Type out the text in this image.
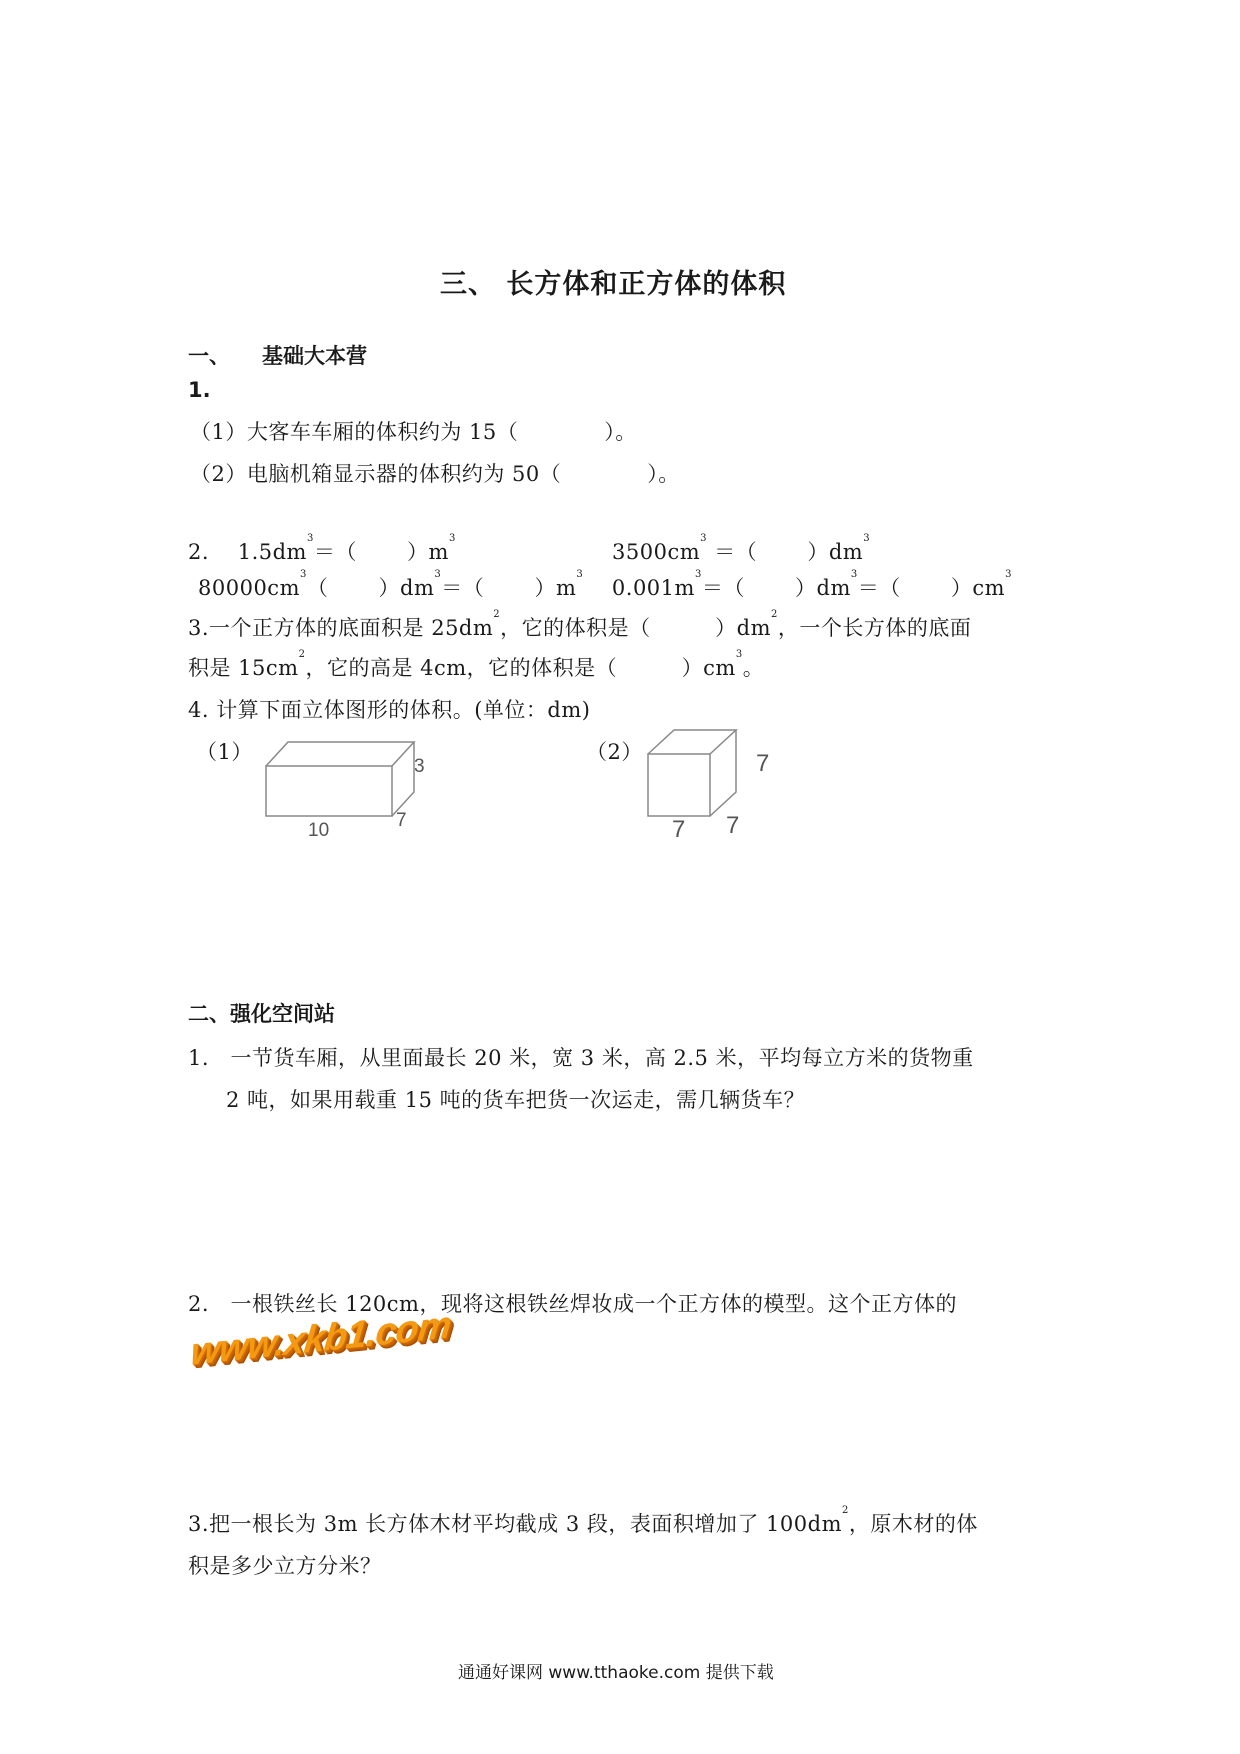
三、 长方体和正方体的体积
一、 基础大本营
1.
（1）大客车车厢的体积约为 15（　　　　）。
（2）电脑机箱显示器的体积约为 50（　　　　）。
2.　 $1.5dm^3=$（　　 ）$m^3$
$3500cm^3$ ＝（　　 ）$dm^3$
$80000cm^3$（　　 ）$dm^3=$（　　 ）$m^3$　 $0.001m^3=$（　　 ）$dm^3=$（　　 ）$cm^3$
3.一个正方体的底面积是 $25dm^2$，它的体积是（　　　）$dm^2$，一个长方体的底面
积是 $15cm^2$，它的高是 4cm，它的体积是（　　　）$cm^3$。
4. 计算下面立体图形的体积。(单位：dm)
（1）
3
10	7
（2）	7
7 7
二、强化空间站
1.　一节货车厢，从里面最长 20 米，宽 3 米，高 2.5 米，平均每立方米的货物重
2 吨，如果用载重 15 吨的货车把货一次运走，需几辆货车？
2.　一根铁丝长 120cm，现将这根铁丝焊妆成一个正方体的模型。这个正方体的
www.xkb1.com
3.把一根长为 3m 长方体木材平均截成 3 段，表面积增加了 $100dm^2$，原木材的体
积是多少立方分米？
通通好课网 www.tthaoke.com 提供下载
